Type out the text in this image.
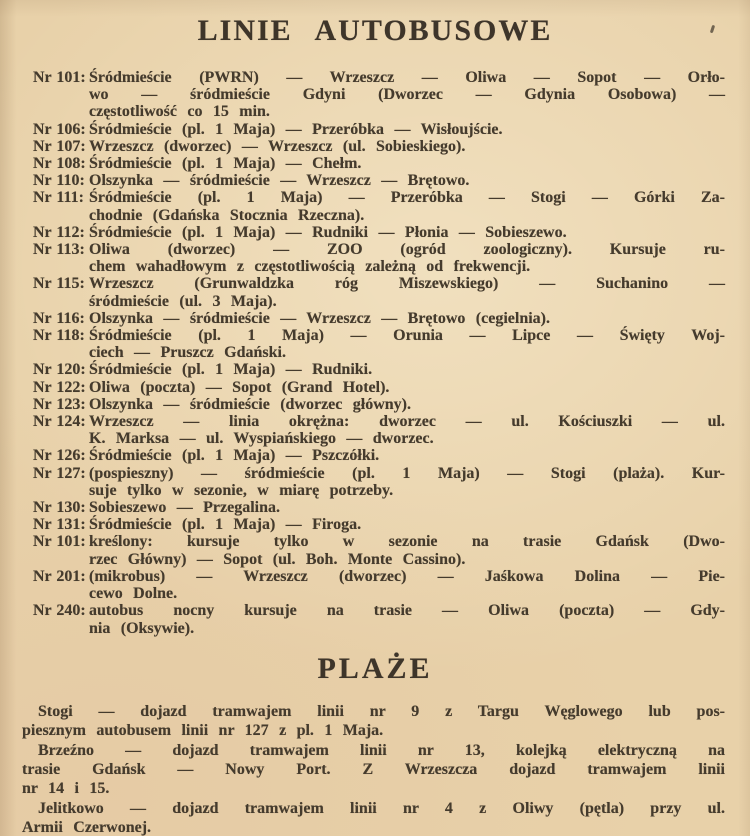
LINIE AUTOBUSOWE
Nr 101: Śródmieście (PWRN) — Wrzeszcz — Oliwa — Sopot — Orło-
wo — śródmieście Gdyni (Dworzec — Gdynia Osobowa) —
częstotliwość co 15 min.
Nr 106: Śródmieście (pl. 1 Maja) — Przeróbka — Wisłoujście.
Nr 107: Wrzeszcz (dworzec) — Wrzeszcz (ul. Sobieskiego).
Nr 108: Śródmieście (pl. 1 Maja) — Chełm.
Nr 110: Olszynka — śródmieście — Wrzeszcz — Brętowo.
Nr 111: Śródmieście (pl. 1 Maja) — Przeróbka — Stogi — Górki Za-
chodnie (Gdańska Stocznia Rzeczna).
Nr 112: Śródmieście (pl. 1 Maja) — Rudniki — Płonia — Sobieszewo.
Nr 113: Oliwa (dworzec) — ZOO (ogród zoologiczny). Kursuje ru-
chem wahadłowym z częstotliwością zależną od frekwencji.
Nr 115: Wrzeszcz (Grunwaldzka róg Miszewskiego) — Suchanino —
śródmieście (ul. 3 Maja).
Nr 116: Olszynka — śródmieście — Wrzeszcz — Brętowo (cegielnia).
Nr 118: Śródmieście (pl. 1 Maja) — Orunia — Lipce — Święty Woj-
ciech — Pruszcz Gdański.
Nr 120: Śródmieście (pl. 1 Maja) — Rudniki.
Nr 122: Oliwa (poczta) — Sopot (Grand Hotel).
Nr 123: Olszynka — śródmieście (dworzec główny).
Nr 124: Wrzeszcz — linia okrężna: dworzec — ul. Kościuszki — ul.
K. Marksa — ul. Wyspiańskiego — dworzec.
Nr 126: Śródmieście (pl. 1 Maja) — Pszczółki.
Nr 127: (pospieszny) — śródmieście (pl. 1 Maja) — Stogi (plaża). Kur-
suje tylko w sezonie, w miarę potrzeby.
Nr 130: Sobieszewo — Przegalina.
Nr 131: Śródmieście (pl. 1 Maja) — Firoga.
Nr 101: kreślony: kursuje tylko w sezonie na trasie Gdańsk (Dwo-
rzec Główny) — Sopot (ul. Boh. Monte Cassino).
Nr 201: (mikrobus) — Wrzeszcz (dworzec) — Jaśkowa Dolina — Pie-
cewo Dolne.
Nr 240: autobus nocny kursuje na trasie — Oliwa (poczta) — Gdy-
nia (Oksywie).
PLAŻE
Stogi — dojazd tramwajem linii nr 9 z Targu Węglowego lub pos-
piesznym autobusem linii nr 127 z pl. 1 Maja.
Brzeźno — dojazd tramwajem linii nr 13, kolejką elektryczną na
trasie Gdańsk — Nowy Port. Z Wrzeszcza dojazd tramwajem linii
nr 14 i 15.
Jelitkowo — dojazd tramwajem linii nr 4 z Oliwy (pętla) przy ul.
Armii Czerwonej.
